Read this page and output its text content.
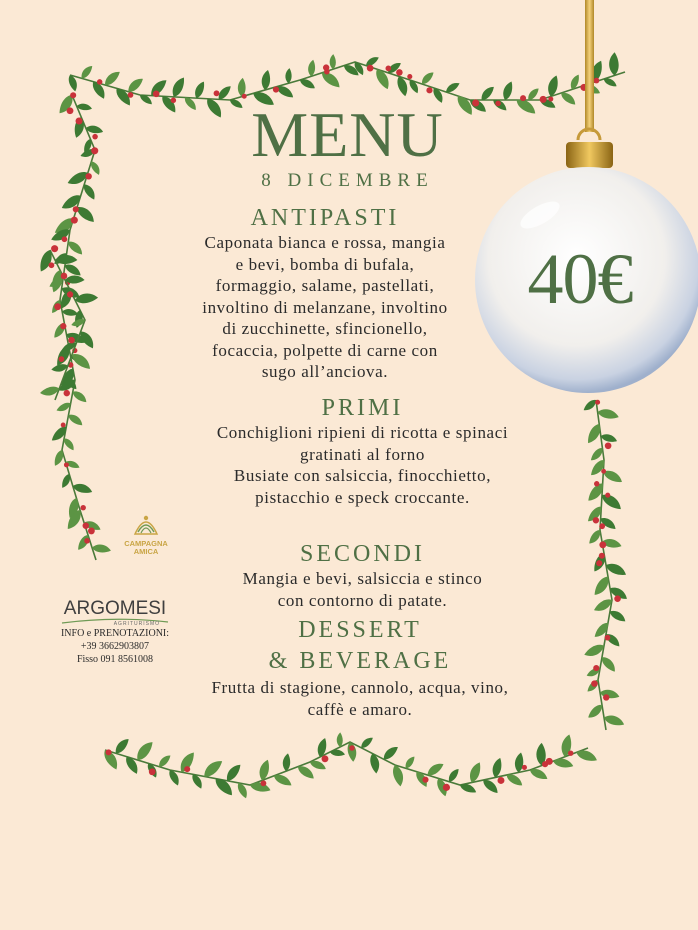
40€
MENU
8 DICEMBRE
ANTIPASTI
Caponata bianca e rossa, mangia
e bevi, bomba di bufala,
formaggio, salame, pastellati,
involtino di melanzane, involtino
di zucchinette, sfincionello,
focaccia, polpette di carne con
sugo all’anciova.
PRIMI
Conchiglioni ripieni di ricotta e spinaci
gratinati al forno
Busiate con salsiccia, finocchietto,
pistacchio e speck croccante.
SECONDI
Mangia e bevi, salsiccia e stinco
con contorno di patate.
DESSERT
& BEVERAGE
Frutta di stagione, cannolo, acqua, vino,
caffè e amaro.
CAMPAGNA
AMICA
ARGOMESI
AGRITURISMO
INFO e PRENOTAZIONI:
+39 3662903807
Fisso 091 8561008
